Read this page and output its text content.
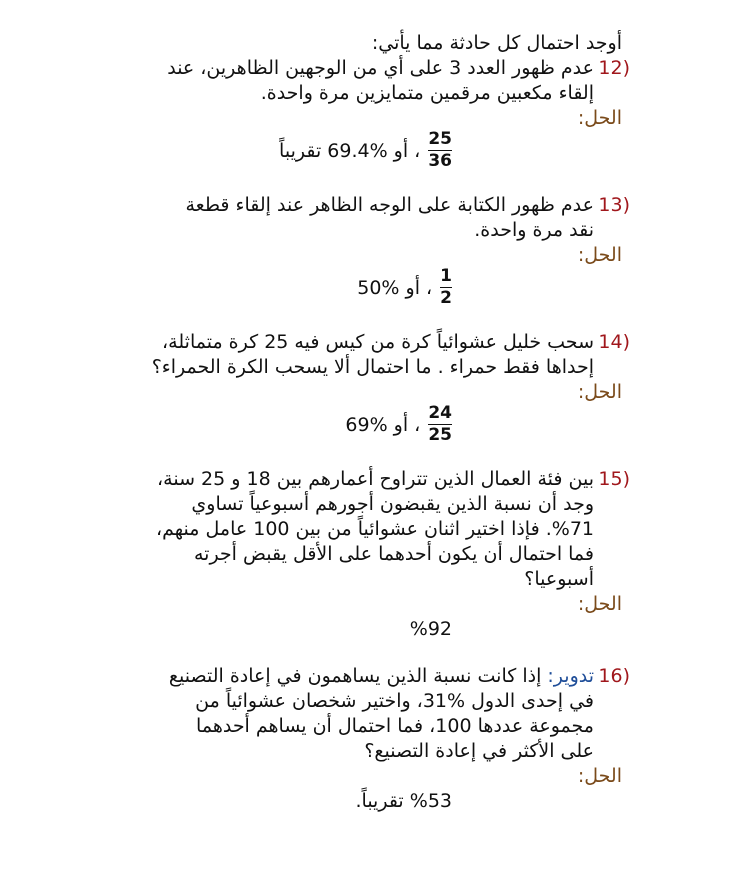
أوجد احتمال كل حادثة مما يأتي:
(12
عدم ظهور العدد 3 على أي من الوجهين الظاهرين، عند
إلقاء مكعبين مرقمين متمايزين مرة واحدة.
الحل:
$\frac{25}{36}$
، أو %69.4 تقريباً
(13
عدم ظهور الكتابة على الوجه الظاهر عند إلقاء قطعة
نقد مرة واحدة.
الحل:
$\frac{1}{2}$
، أو %50
(14
سحب خليل عشوائياً كرة من كيس فيه 25 كرة متماثلة،
إحداها فقط حمراء . ما احتمال ألا يسحب الكرة الحمراء؟
الحل:
$\frac{24}{25}$
، أو %69
(15
بين فئة العمال الذين تتراوح أعمارهم بين 18 و 25 سنة،
وجد أن نسبة الذين يقبضون أجورهم أسبوعياً تساوي
%71. فإذا اختير اثنان عشوائياً من بين 100 عامل منهم،
فما احتمال أن يكون أحدهما على الأقل يقبض أجرته
أسبوعيا؟
الحل:
%92
(16
تدوير: إذا كانت نسبة الذين يساهمون في إعادة التصنيع
في إحدى الدول %31، واختير شخصان عشوائياً من
مجموعة عددها 100، فما احتمال أن يساهم أحدهما
على الأكثر في إعادة التصنيع؟
الحل:
%53 تقريباً.
